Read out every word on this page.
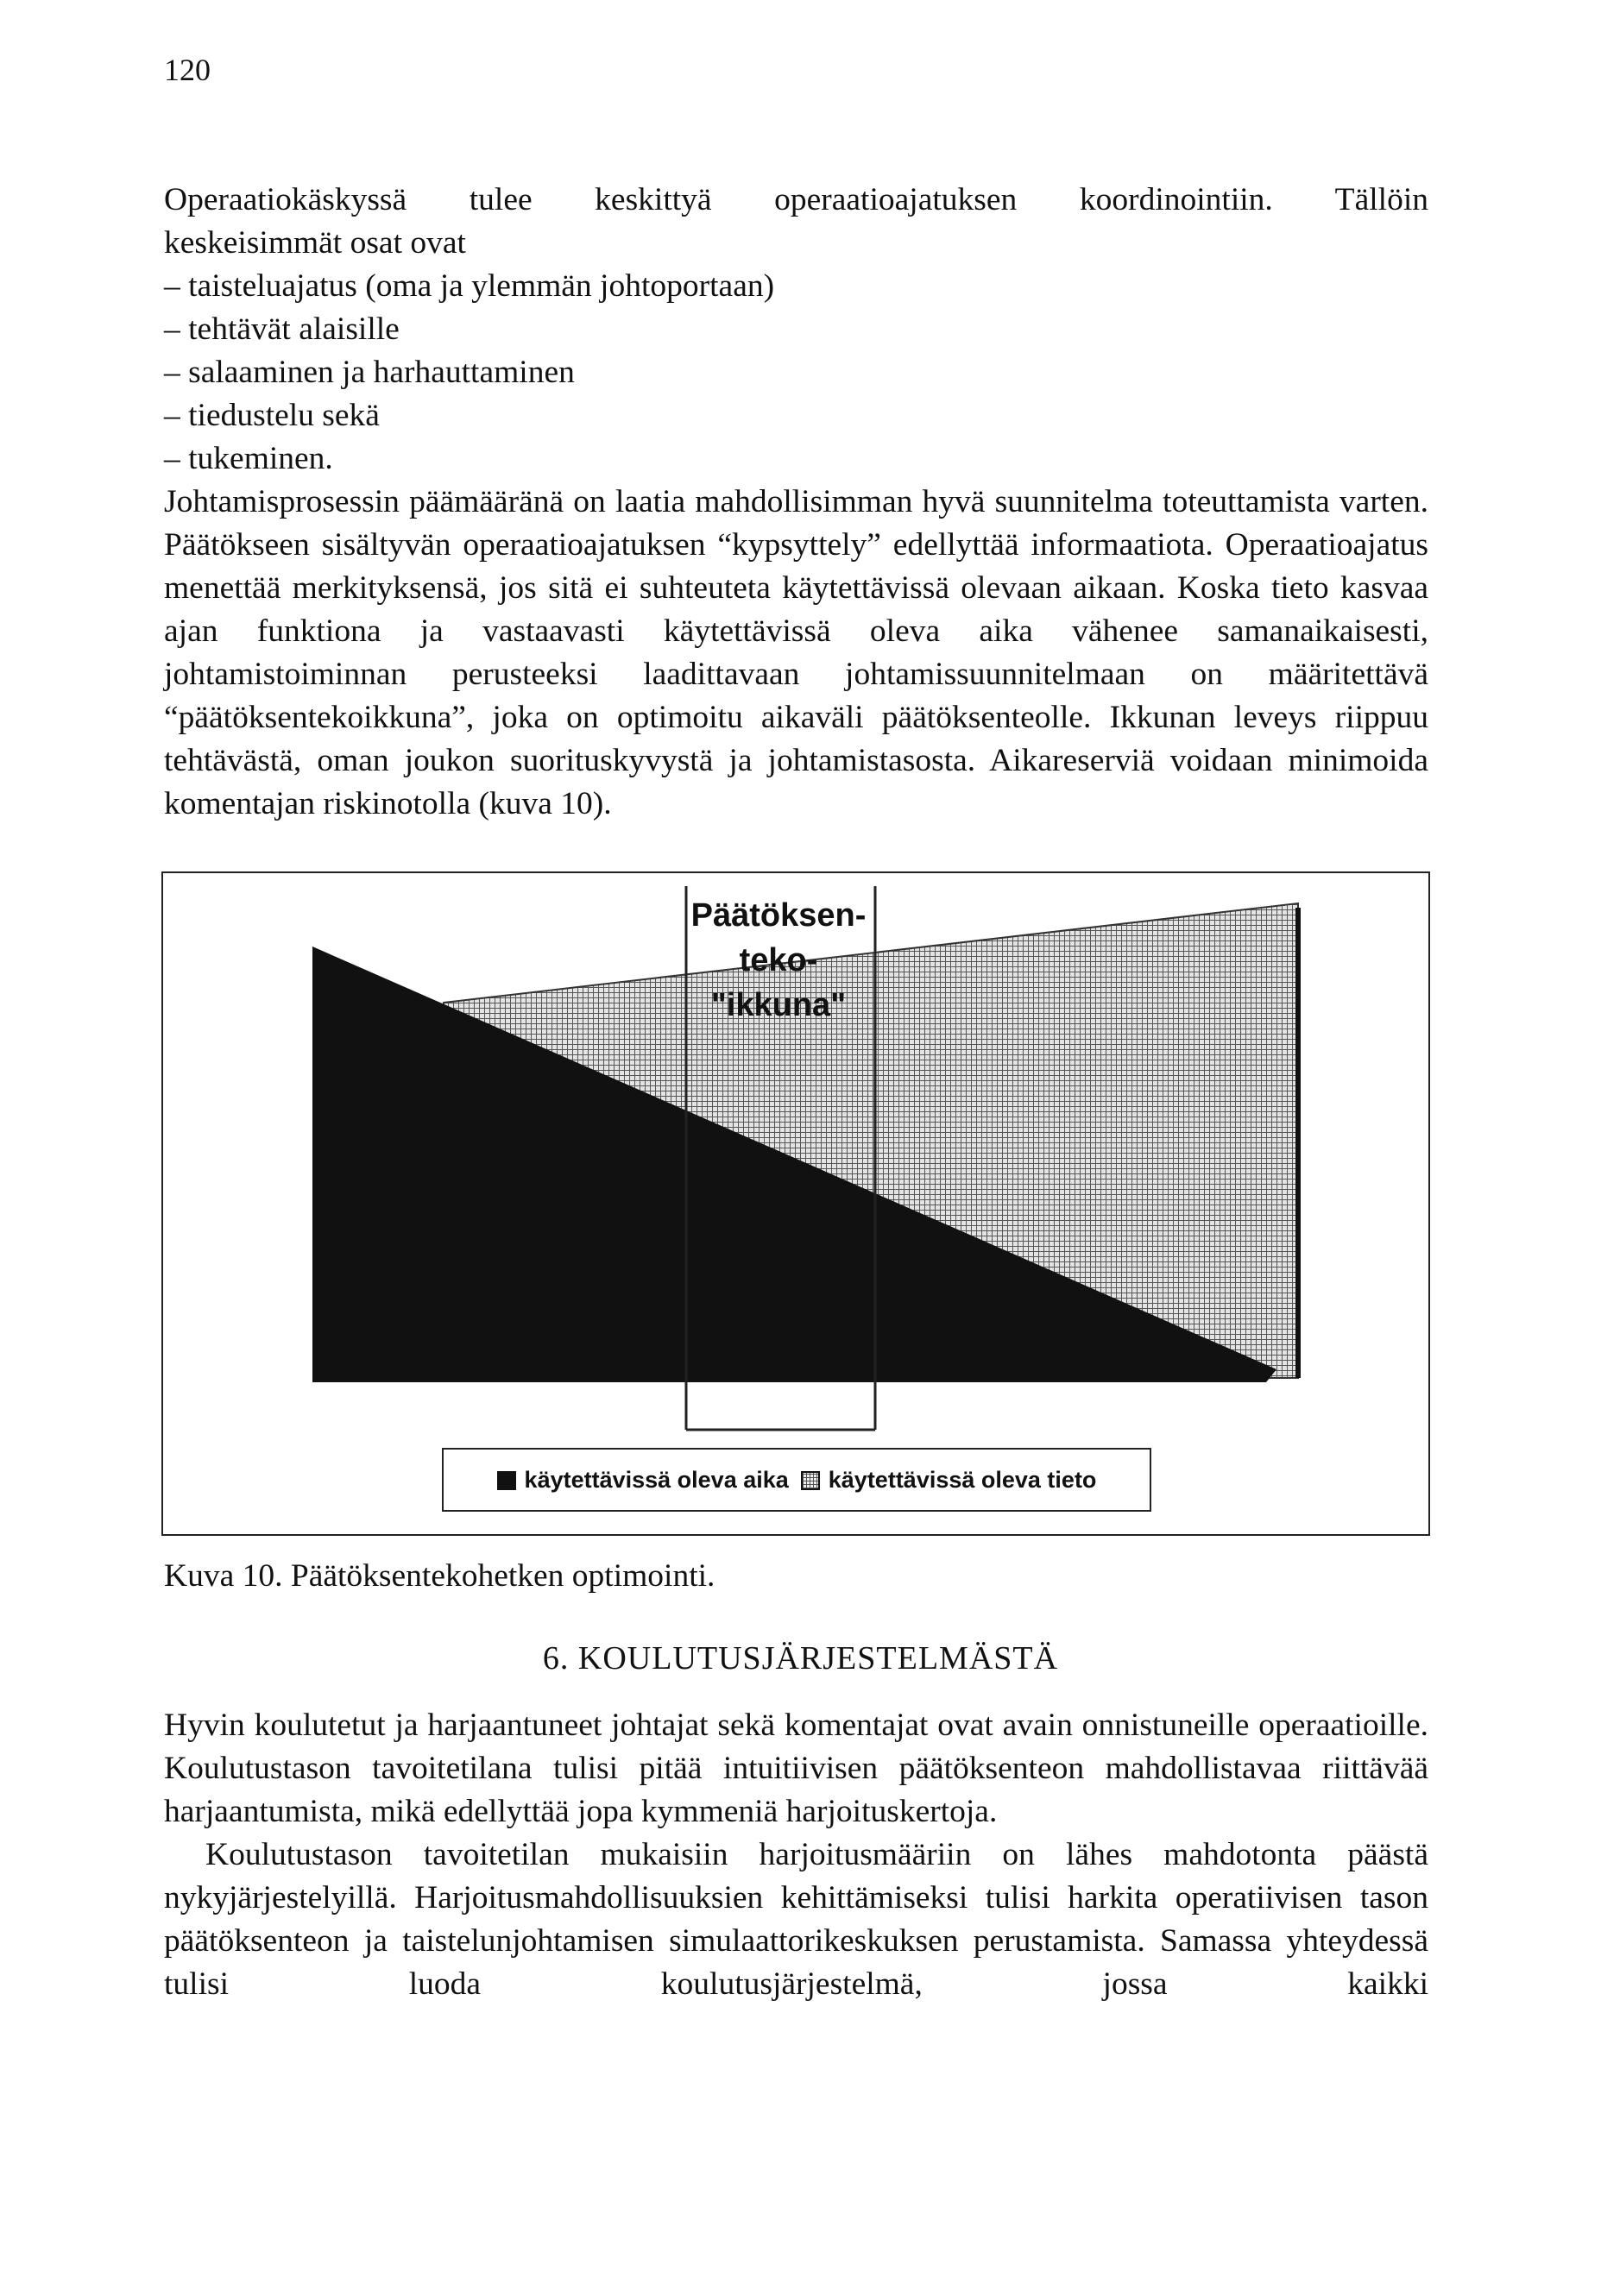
120

Operaatiokäskyssä tulee keskittyä operaatioajatuksen koordinointiin. Tällöin

keskeisimmät osat ovat

– taisteluajatus (oma ja ylemmän johtoportaan)
– tehtävät alaisille
– salaaminen ja harhauttaminen
– tiedustelu sekä
– tukeminen.

Johtamisprosessin päämääränä on laatia mahdollisimman hyvä suunnitelma toteuttamista varten. Päätökseen sisältyvän operaatioajatuksen “kypsyttely” edellyttää informaatiota. Operaatioajatus menettää merkityksensä, jos sitä ei suhteuteta käytettävissä olevaan aikaan. Koska tieto kasvaa ajan funktiona ja vastaavasti käytettävissä oleva aika vähenee samanaikaisesti, johtamistoiminnan perusteeksi laadittavaan johtamissuunnitelmaan on määritettävä “päätöksentekoikkuna”, joka on optimoitu aikaväli päätöksenteolle. Ikkunan leveys riippuu tehtävästä, oman joukon suorituskyvystä ja johtamistasosta. Aikareserviä voidaan minimoida komentajan riskinotolla (kuva 10).

Päätöksen-
teko-
"ikkuna"
käytettävissä oleva aika	käytettävissä oleva tieto
Kuva 10. Päätöksentekohetken optimointi.
6. KOULUTUSJÄRJESTELMÄSTÄ

Hyvin koulutetut ja harjaantuneet johtajat sekä komentajat ovat avain onnistuneille operaatioille. Koulutustason tavoitetilana tulisi pitää intuitiivisen päätöksenteon mahdollistavaa riittävää harjaantumista, mikä edellyttää jopa kymmeniä harjoituskertoja.

Koulutustason tavoitetilan mukaisiin harjoitusmääriin on lähes mahdotonta päästä nykyjärjestelyillä. Harjoitusmahdollisuuksien kehittämiseksi tulisi harkita operatiivisen tason päätöksenteon ja taistelunjohtamisen simulaattorikeskuksen perustamista. Samassa yhteydessä tulisi luoda koulutusjärjestelmä, jossa kaikki
